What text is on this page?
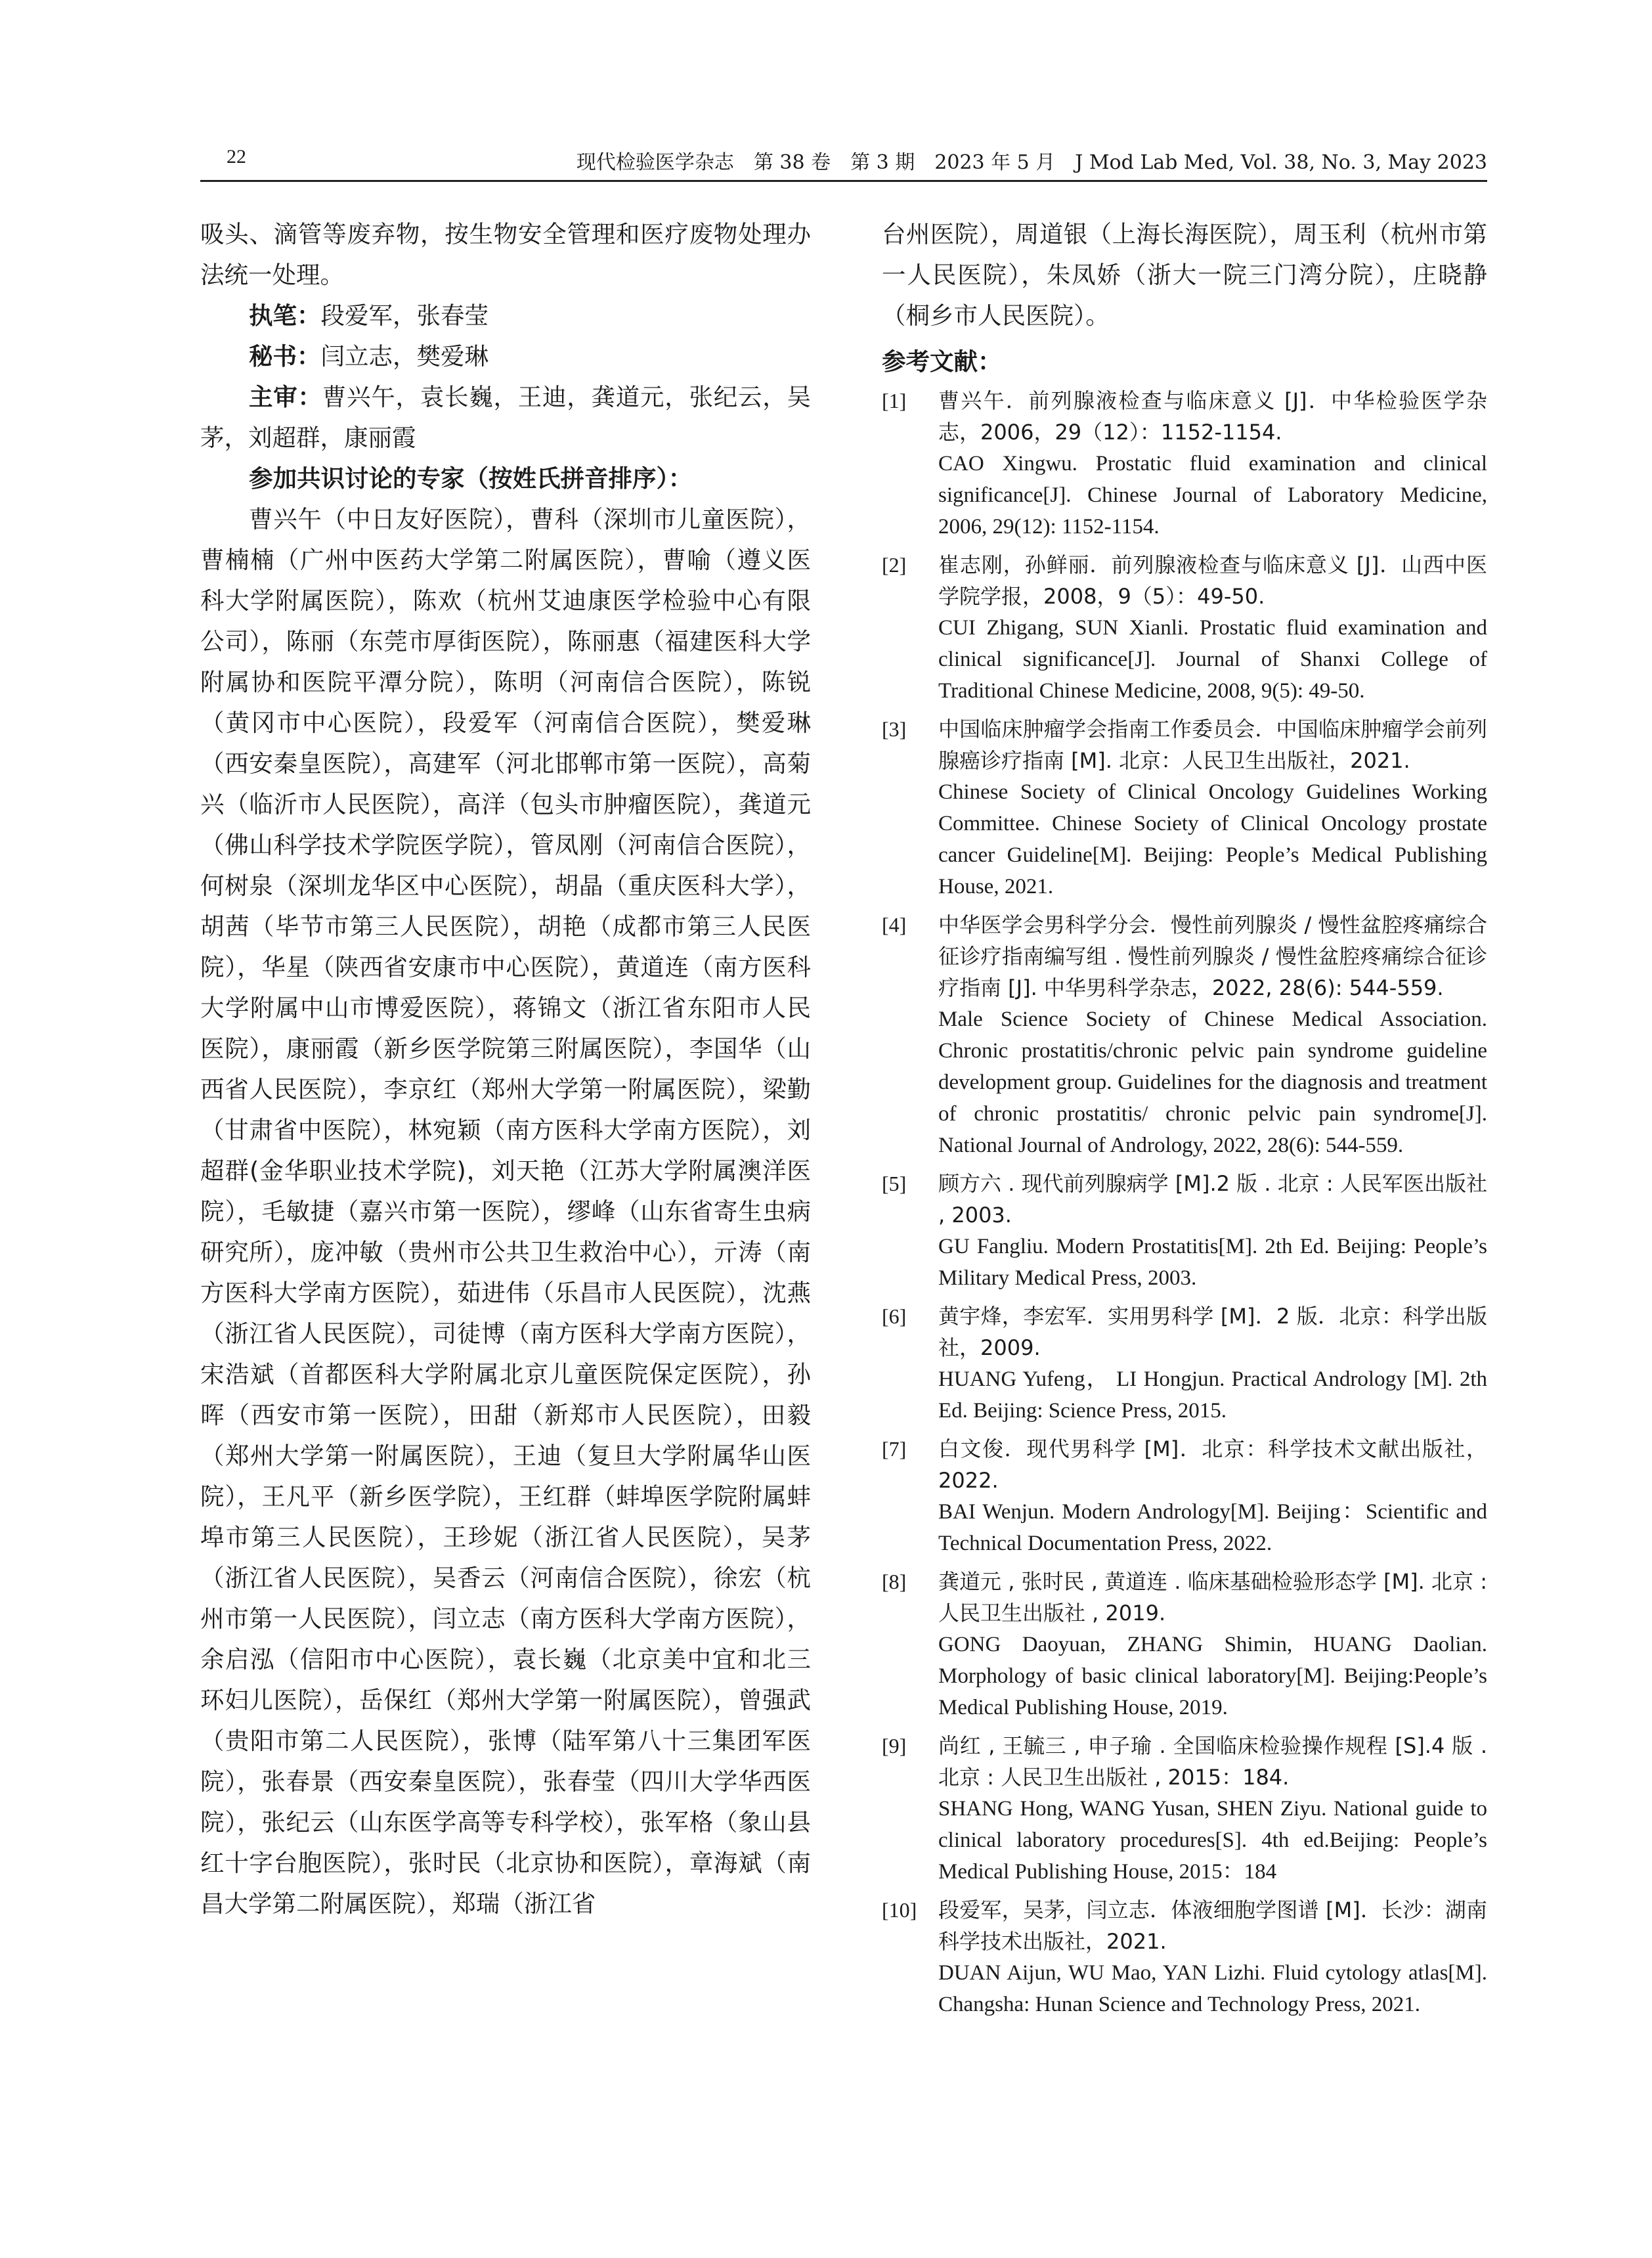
22	现代检验医学杂志　第 38 卷　第 3 期　2023 年 5 月　J Mod Lab Med, Vol. 38, No. 3, May 2023

吸头、滴管等废弃物，按生物安全管理和医疗废物处理办法统一处理。

执笔：段爱军，张春莹

秘书：闫立志，樊爱琳

主审：曹兴午，袁长巍，王迪，龚道元，张纪云，吴茅，刘超群，康丽霞

参加共识讨论的专家（按姓氏拼音排序）：

曹兴午（中日友好医院），曹科（深圳市儿童医院），曹楠楠（广州中医药大学第二附属医院），曹喻（遵义医科大学附属医院），陈欢（杭州艾迪康医学检验中心有限公司），陈丽（东莞市厚街医院），陈丽惠（福建医科大学附属协和医院平潭分院），陈明（河南信合医院），陈锐（黄冈市中心医院），段爱军（河南信合医院），樊爱琳（西安秦皇医院），高建军（河北邯郸市第一医院），高菊兴（临沂市人民医院），高洋（包头市肿瘤医院），龚道元（佛山科学技术学院医学院），管凤刚（河南信合医院），何树泉（深圳龙华区中心医院），胡晶（重庆医科大学），胡茜（毕节市第三人民医院），胡艳（成都市第三人民医院），华星（陕西省安康市中心医院），黄道连（南方医科大学附属中山市博爱医院），蒋锦文（浙江省东阳市人民医院），康丽霞（新乡医学院第三附属医院），李国华（山西省人民医院），李京红（郑州大学第一附属医院），梁勤（甘肃省中医院），林宛颖（南方医科大学南方医院），刘超群(金华职业技术学院)，刘天艳（江苏大学附属澳洋医院），毛敏捷（嘉兴市第一医院），缪峰（山东省寄生虫病研究所），庞冲敏（贵州市公共卫生救治中心），亓涛（南方医科大学南方医院），茹进伟（乐昌市人民医院），沈燕（浙江省人民医院），司徒博（南方医科大学南方医院），宋浩斌（首都医科大学附属北京儿童医院保定医院），孙晖（西安市第一医院），田甜（新郑市人民医院），田毅（郑州大学第一附属医院），王迪（复旦大学附属华山医院），王凡平（新乡医学院），王红群（蚌埠医学院附属蚌埠市第三人民医院），王珍妮（浙江省人民医院），吴茅（浙江省人民医院），吴香云（河南信合医院），徐宏（杭州市第一人民医院），闫立志（南方医科大学南方医院），余启泓（信阳市中心医院），袁长巍（北京美中宜和北三环妇儿医院），岳保红（郑州大学第一附属医院），曾强武（贵阳市第二人民医院），张博（陆军第八十三集团军医院），张春景（西安秦皇医院），张春莹（四川大学华西医院），张纪云（山东医学高等专科学校），张军格（象山县红十字台胞医院），张时民（北京协和医院），章海斌（南昌大学第二附属医院），郑瑞（浙江省

台州医院），周道银（上海长海医院），周玉利（杭州市第一人民医院），朱凤娇（浙大一院三门湾分院），庄晓静（桐乡市人民医院）。

参考文献：

[1] 曹兴午．前列腺液检查与临床意义 [J]．中华检验医学杂志，2006，29（12）：1152-1154.
CAO Xingwu. Prostatic fluid examination and clinical significance[J]. Chinese Journal of Laboratory Medicine, 2006, 29(12): 1152-1154.
[2] 崔志刚，孙鲜丽．前列腺液检查与临床意义 [J]．山西中医学院学报，2008，9（5）：49-50.
CUI Zhigang, SUN Xianli. Prostatic fluid examination and clinical significance[J]. Journal of Shanxi College of Traditional Chinese Medicine, 2008, 9(5): 49-50.
[3] 中国临床肿瘤学会指南工作委员会．中国临床肿瘤学会前列腺癌诊疗指南 [M]. 北京：人民卫生出版社，2021.
Chinese Society of Clinical Oncology Guidelines Working Committee. Chinese Society of Clinical Oncology prostate cancer Guideline[M]. Beijing: People’s Medical Publishing House, 2021.
[4] 中华医学会男科学分会．慢性前列腺炎 / 慢性盆腔疼痛综合征诊疗指南编写组 . 慢性前列腺炎 / 慢性盆腔疼痛综合征诊疗指南 [J]. 中华男科学杂志，2022, 28(6): 544-559.
Male Science Society of Chinese Medical Association. Chronic prostatitis/chronic pelvic pain syndrome guideline development group. Guidelines for the diagnosis and treatment of chronic prostatitis/ chronic pelvic pain syndrome[J]. National Journal of Andrology, 2022, 28(6): 544-559.
[5] 顾方六 . 现代前列腺病学 [M].2 版 . 北京 : 人民军医出版社 , 2003.
GU Fangliu. Modern Prostatitis[M]. 2th Ed. Beijing: People’s Military Medical Press, 2003.
[6] 黄宇烽，李宏军．实用男科学 [M]．2 版．北京：科学出版社，2009.
HUANG Yufeng， LI Hongjun. Practical Andrology [M]. 2th Ed. Beijing: Science Press, 2015.
[7] 白文俊．现代男科学 [M]．北京：科学技术文献出版社，2022.
BAI Wenjun. Modern Andrology[M]. Beijing：Scientific and Technical Documentation Press, 2022.
[8] 龚道元 , 张时民 , 黄道连 . 临床基础检验形态学 [M]. 北京 : 人民卫生出版社 , 2019.
GONG Daoyuan, ZHANG Shimin, HUANG Daolian. Morphology of basic clinical laboratory[M]. Beijing:People’s Medical Publishing House, 2019.
[9] 尚红 , 王毓三 , 申子瑜 . 全国临床检验操作规程 [S].4 版 . 北京 : 人民卫生出版社 , 2015：184.
SHANG Hong, WANG Yusan, SHEN Ziyu. National guide to clinical laboratory procedures[S]. 4th ed.Beijing: People’s Medical Publishing House, 2015：184
[10] 段爱军，吴茅，闫立志．体液细胞学图谱 [M]．长沙：湖南科学技术出版社，2021.
DUAN Aijun, WU Mao, YAN Lizhi. Fluid cytology atlas[M]. Changsha: Hunan Science and Technology Press, 2021.
